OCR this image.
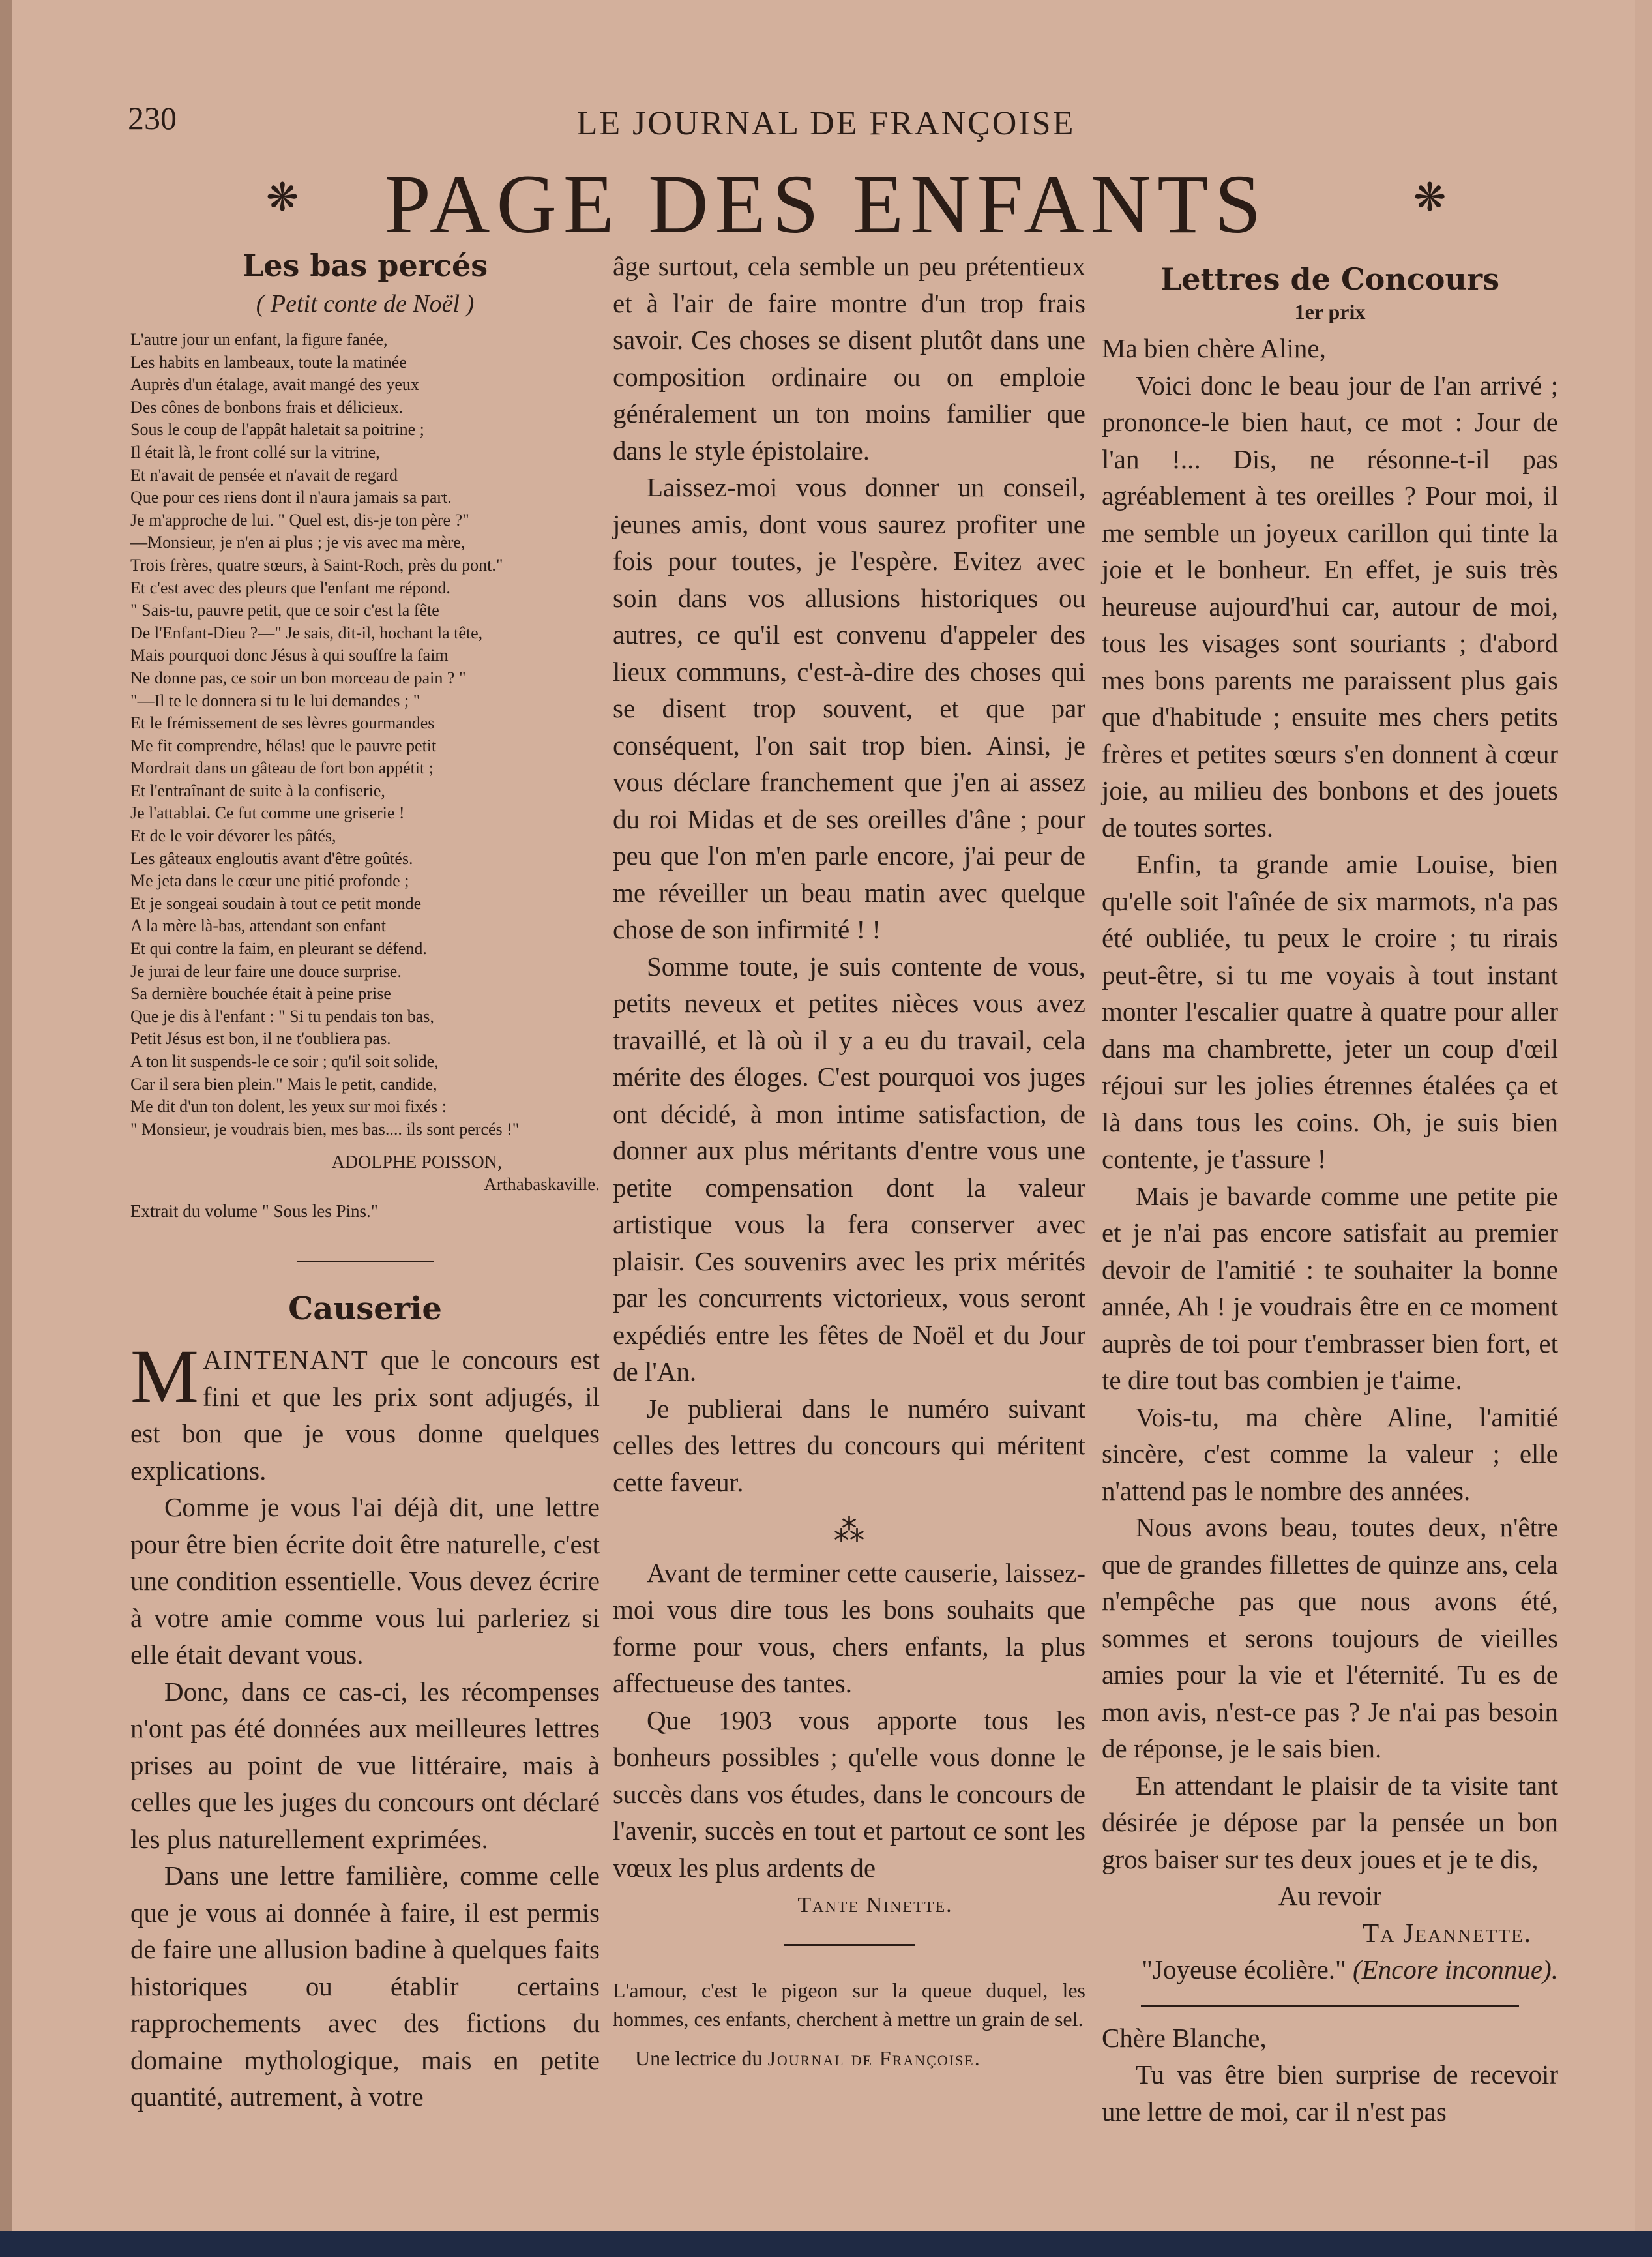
230	LE JOURNAL DE FRANÇOISE
❋	PAGE DES ENFANTS	❋
Les bas percés
( Petit conte de Noël )
L'autre jour un enfant, la figure fanée,
Les habits en lambeaux, toute la matinée
Auprès d'un étalage, avait mangé des yeux
Des cônes de bonbons frais et délicieux.
Sous le coup de l'appât haletait sa poitrine ;
Il était là, le front collé sur la vitrine,
Et n'avait de pensée et n'avait de regard
Que pour ces riens dont il n'aura jamais sa part.
Je m'approche de lui. " Quel est, dis-je ton père ?"
—Monsieur, je n'en ai plus ; je vis avec ma mère,
Trois frères, quatre sœurs, à Saint-Roch, près du pont."
Et c'est avec des pleurs que l'enfant me répond.
" Sais-tu, pauvre petit, que ce soir c'est la fête
De l'Enfant-Dieu ?—" Je sais, dit-il, hochant la tête,
Mais pourquoi donc Jésus à qui souffre la faim
Ne donne pas, ce soir un bon morceau de pain ? "
"—Il te le donnera si tu le lui demandes ; "
Et le frémissement de ses lèvres gourmandes
Me fit comprendre, hélas! que le pauvre petit
Mordrait dans un gâteau de fort bon appétit ;
Et l'entraînant de suite à la confiserie,
Je l'attablai. Ce fut comme une griserie !
Et de le voir dévorer les pâtés,
Les gâteaux engloutis avant d'être goûtés.
Me jeta dans le cœur une pitié profonde ;
Et je songeai soudain à tout ce petit monde
A la mère là-bas, attendant son enfant
Et qui contre la faim, en pleurant se défend.
Je jurai de leur faire une douce surprise.
Sa dernière bouchée était à peine prise
Que je dis à l'enfant : " Si tu pendais ton bas,
Petit Jésus est bon, il ne t'oubliera pas.
A ton lit suspends-le ce soir ; qu'il soit solide,
Car il sera bien plein." Mais le petit, candide,
Me dit d'un ton dolent, les yeux sur moi fixés :
" Monsieur, je voudrais bien, mes bas.... ils sont percés !"
ADOLPHE POISSON,
Arthabaskaville.
Extrait du volume " Sous les Pins."
Causerie

MAINTENANT que le concours est fini et que les prix sont adjugés, il est bon que je vous donne quelques explications.

Comme je vous l'ai déjà dit, une lettre pour être bien écrite doit être naturelle, c'est une condition essentielle. Vous devez écrire à votre amie comme vous lui parleriez si elle était devant vous.

Donc, dans ce cas-ci, les récompenses n'ont pas été données aux meilleures lettres prises au point de vue littéraire, mais à celles que les juges du concours ont déclaré les plus naturellement exprimées.

Dans une lettre familière, comme celle que je vous ai donnée à faire, il est permis de faire une allusion badine à quelques faits historiques ou établir certains rapprochements avec des fictions du domaine mythologique, mais en petite quantité, autrement, à votre

âge surtout, cela semble un peu prétentieux et à l'air de faire montre d'un trop frais savoir. Ces choses se disent plutôt dans une composition ordinaire ou on emploie généralement un ton moins familier que dans le style épistolaire.

Laissez-moi vous donner un conseil, jeunes amis, dont vous saurez profiter une fois pour toutes, je l'espère. Evitez avec soin dans vos allusions historiques ou autres, ce qu'il est convenu d'appeler des lieux communs, c'est-à-dire des choses qui se disent trop souvent, et que par conséquent, l'on sait trop bien. Ainsi, je vous déclare franchement que j'en ai assez du roi Midas et de ses oreilles d'âne ; pour peu que l'on m'en parle encore, j'ai peur de me réveiller un beau matin avec quelque chose de son infirmité ! !

Somme toute, je suis contente de vous, petits neveux et petites nièces vous avez travaillé, et là où il y a eu du travail, cela mérite des éloges. C'est pourquoi vos juges ont décidé, à mon intime satisfaction, de donner aux plus méritants d'entre vous une petite compensation dont la valeur artistique vous la fera conserver avec plaisir. Ces souvenirs avec les prix mérités par les concurrents victorieux, vous seront expédiés entre les fêtes de Noël et du Jour de l'An.

Je publierai dans le numéro suivant celles des lettres du concours qui méritent cette faveur.

⁂

Avant de terminer cette causerie, laissez-moi vous dire tous les bons souhaits que forme pour vous, chers enfants, la plus affectueuse des tantes.

Que 1903 vous apporte tous les bonheurs possibles ; qu'elle vous donne le succès dans vos études, dans le concours de l'avenir, succès en tout et partout ce sont les vœux les plus ardents de

Tante Ninette.

L'amour, c'est le pigeon sur la queue duquel, les hommes, ces enfants, cherchent à mettre un grain de sel.

Une lectrice du Journal de Françoise.
Lettres de Concours
1er prix

Ma bien chère Aline,

Voici donc le beau jour de l'an arrivé ; prononce-le bien haut, ce mot : Jour de l'an !... Dis, ne résonne-t-il pas agréablement à tes oreilles ? Pour moi, il me semble un joyeux carillon qui tinte la joie et le bonheur. En effet, je suis très heureuse aujourd'hui car, autour de moi, tous les visages sont souriants ; d'abord mes bons parents me paraissent plus gais que d'habitude ; ensuite mes chers petits frères et petites sœurs s'en donnent à cœur joie, au milieu des bonbons et des jouets de toutes sortes.

Enfin, ta grande amie Louise, bien qu'elle soit l'aînée de six marmots, n'a pas été oubliée, tu peux le croire ; tu rirais peut-être, si tu me voyais à tout instant monter l'escalier quatre à quatre pour aller dans ma chambrette, jeter un coup d'œil réjoui sur les jolies étrennes étalées ça et là dans tous les coins. Oh, je suis bien contente, je t'assure !

Mais je bavarde comme une petite pie et je n'ai pas encore satisfait au premier devoir de l'amitié : te souhaiter la bonne année, Ah ! je voudrais être en ce moment auprès de toi pour t'embrasser bien fort, et te dire tout bas combien je t'aime.

Vois-tu, ma chère Aline, l'amitié sincère, c'est comme la valeur ; elle n'attend pas le nombre des années.

Nous avons beau, toutes deux, n'être que de grandes fillettes de quinze ans, cela n'empêche pas que nous avons été, sommes et serons toujours de vieilles amies pour la vie et l'éternité. Tu es de mon avis, n'est-ce pas ? Je n'ai pas besoin de réponse, je le sais bien.

En attendant le plaisir de ta visite tant désirée je dépose par la pensée un bon gros baiser sur tes deux joues et je te dis,

Au revoir
Ta Jeannette.
"Joyeuse écolière." (Encore inconnue).

Chère Blanche,

Tu vas être bien surprise de recevoir une lettre de moi, car il n'est pas
